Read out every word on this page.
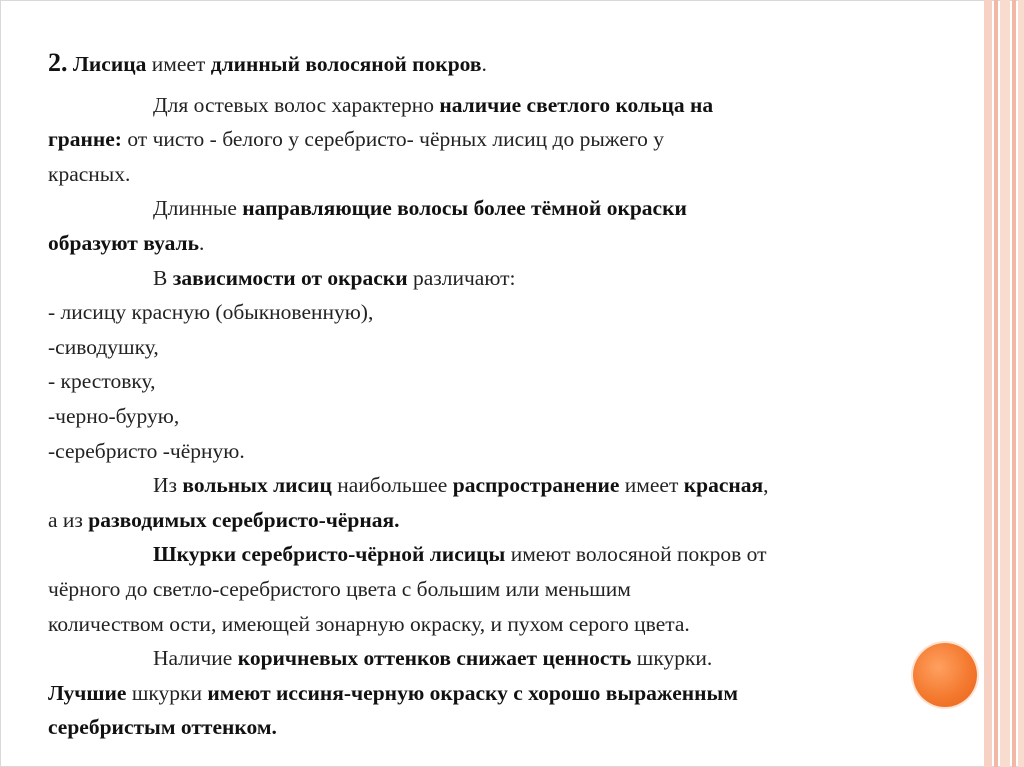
2. Лисица имеет длинный волосяной покров.
Для остевых волос характерно наличие светлого кольца на
гранне: от чисто - белого у серебристо- чёрных лисиц до рыжего у
красных.
Длинные направляющие волосы более тёмной окраски
образуют вуаль.
В зависимости от окраски различают:
- лисицу красную (обыкновенную),
-сиводушку,
- крестовку,
-черно-бурую,
-серебристо -чёрную.
Из вольных лисиц наибольшее распространение имеет красная,
а из разводимых серебристо-чёрная.
Шкурки серебристо-чёрной лисицы имеют волосяной покров от
чёрного до светло-серебристого цвета с большим или меньшим
количеством ости, имеющей зонарную окраску, и пухом серого цвета.
Наличие коричневых оттенков снижает ценность шкурки.
Лучшие шкурки имеют иссиня-черную окраску с хорошо выраженным
серебристым оттенком.
